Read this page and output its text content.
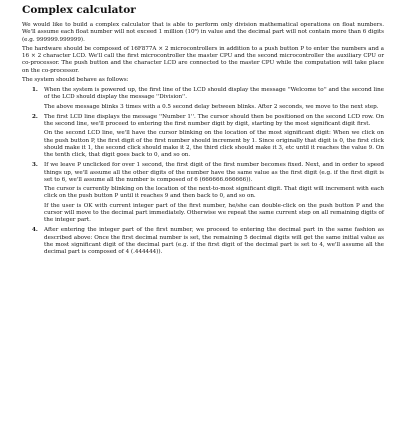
Complex calculator

We would like to build a complex calculator that is able to perform only division mathematical operations on float numbers. We'll assume each float number will not exceed 1 million (10⁶) in value and the decimal part will not contain more than 6 digits (e.g. 999999.999999).

The hardware should be composed of 16F877A × 2 microcontrollers in addition to a push button P to enter the numbers and a 16 × 2 character LCD. We'll call the first microcontroller the master CPU and the second microcontroller the auxiliary CPU or co-processor. The push button and the character LCD are connected to the master CPU while the computation will take place on the co-processor.

The system should behave as follows:

1. When the system is powered up, the first line of the LCD should display the message ''Welcome to'' and the second line of the LCD should display the message ''Division''.

The above message blinks 3 times with a 0.5 second delay between blinks. After 2 seconds, we move to the next step.

2. The first LCD line displays the message ''Number 1''. The cursor should then be positioned on the second LCD row. On the second line, we'll proceed to entering the first number digit by digit, starting by the most significant digit first.

On the second LCD line, we'll have the cursor blinking on the location of the most significant digit: When we click on the push button P, the first digit of the first number should increment by 1. Since originally that digit is 0, the first click should make it 1, the second click should make it 2, the third click should make it 3, etc until it reaches the value 9. On the tenth click, that digit goes back to 0, and so on.

3. If we leave P unclicked for over 1 second, the first digit of the first number becomes fixed. Next, and in order to speed things up, we'll assume all the other digits of the number have the same value as the first digit (e.g. if the first digit is set to 6, we'll assume all the number is composed of 6 (666666.666666)).

The cursor is currently blinking on the location of the next-to-most significant digit. That digit will increment with each click on the push button P until it reaches 9 and then back to 0, and so on.

If the user is OK with current integer part of the first number, he/she can double-click on the push button P and the cursor will move to the decimal part immediately. Otherwise we repeat the same current step on all remaining digits of the integer part.

4. After entering the integer part of the first number, we proceed to entering the decimal part in the same fashion as described above: Once the first decimal number is set, the remaining 5 decimal digits will get the same initial value as the most significant digit of the decimal part (e.g. if the first digit of the decimal part is set to 4, we'll assume all the decimal part is composed of 4 (.444444)).
